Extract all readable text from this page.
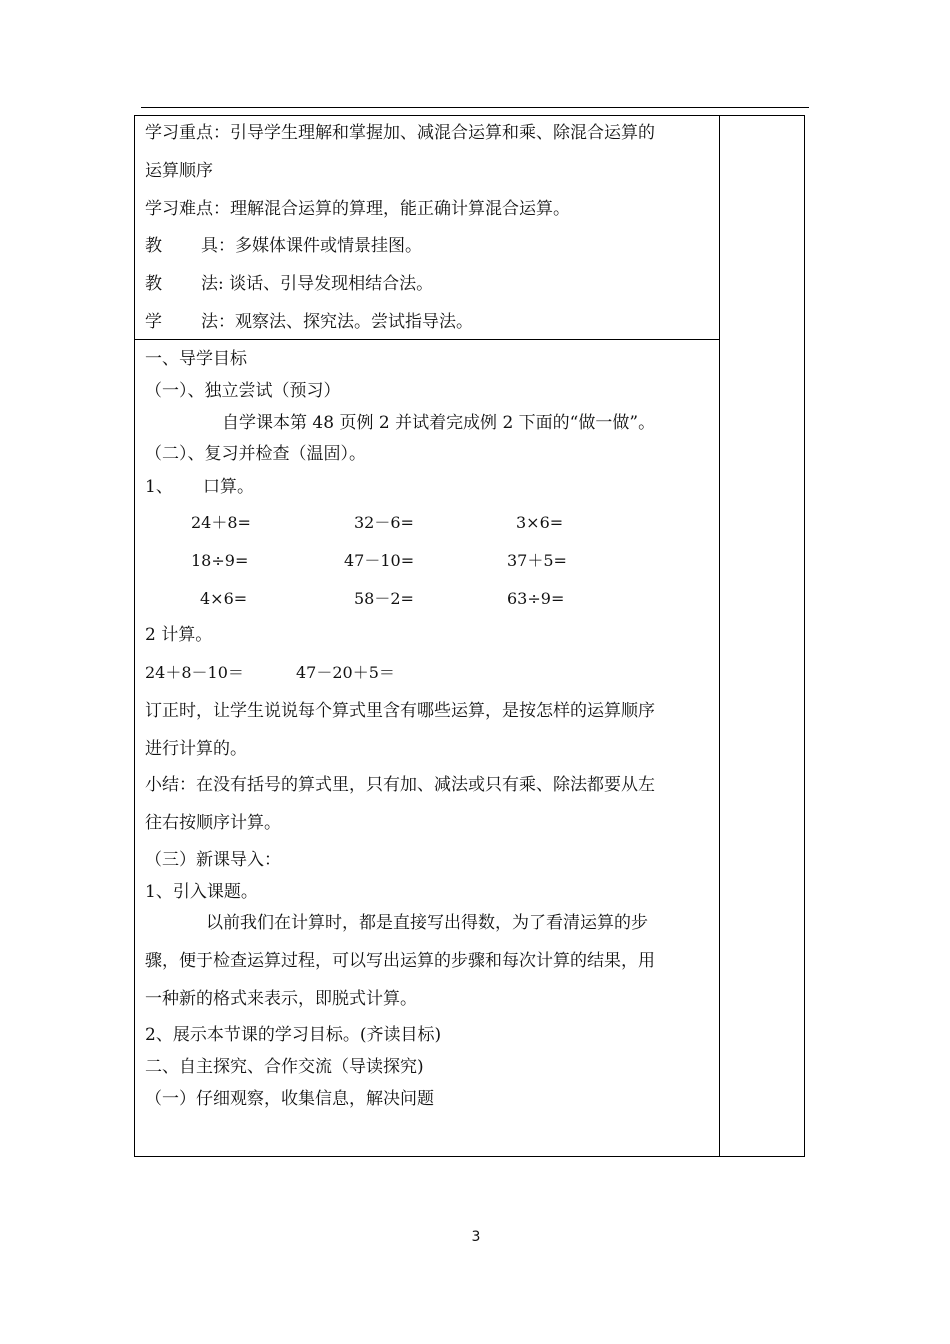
学习重点：引导学生理解和掌握加、减混合运算和乘、除混合运算的
运算顺序
学习难点：理解混合运算的算理，能正确计算混合运算。
教 具：多媒体课件或情景挂图。
教 法: 谈话、引导发现相结合法。
学 法：观察法、探究法。尝试指导法。
一、导学目标
（一）、独立尝试（预习）
自学课本第 48 页例 2 并试着完成例 2 下面的“做一做”。
（二）、复习并检查（温固）。
1、 口算。
24＋8=	32－6=	3×6=
18÷9=	47－10=	37＋5=
4×6=	58－2=	63÷9=
2 计算。
24＋8－10＝	47－20＋5＝
订正时，让学生说说每个算式里含有哪些运算，是按怎样的运算顺序
进行计算的。
小结：在没有括号的算式里，只有加、减法或只有乘、除法都要从左
往右按顺序计算。
（三）新课导入：
1、引入课题。
以前我们在计算时，都是直接写出得数，为了看清运算的步
骤，便于检查运算过程，可以写出运算的步骤和每次计算的结果，用
一种新的格式来表示，即脱式计算。
2、展示本节课的学习目标。(齐读目标)
二、自主探究、合作交流（导读探究)
（一）仔细观察，收集信息，解决问题
3
